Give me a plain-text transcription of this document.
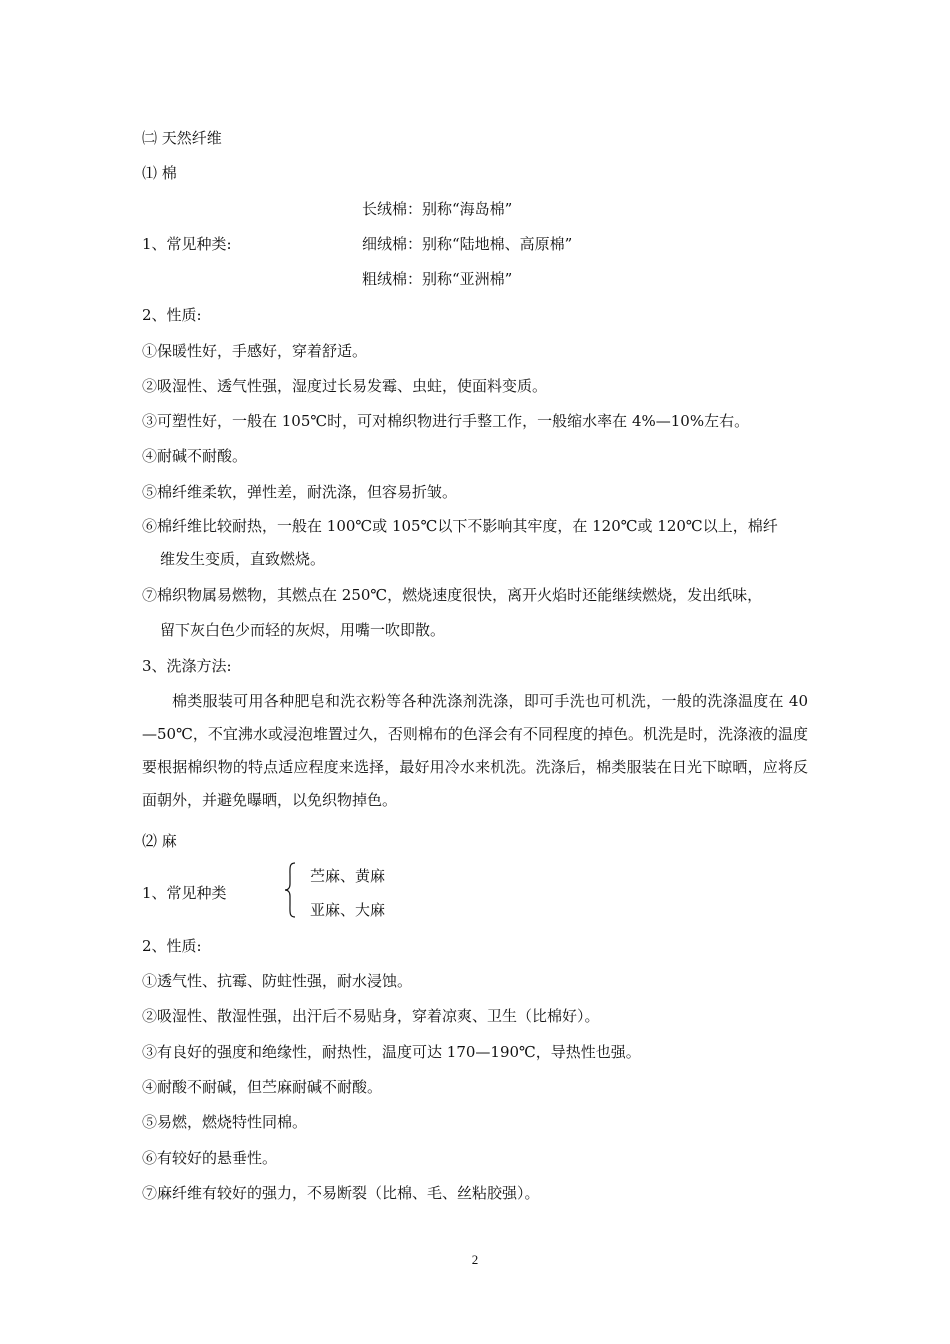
㈡ 天然纤维
⑴ 棉
长绒棉：别称“海岛棉”
1、常见种类:	细绒棉：别称“陆地棉、高原棉”
粗绒棉：别称“亚洲棉”
2、性质:
①保暖性好，手感好，穿着舒适。
②吸湿性、透气性强，湿度过长易发霉、虫蛀，使面料变质。
③可塑性好，一般在 105℃时，可对棉织物进行手整工作，一般缩水率在 4%—10%左右。
④耐碱不耐酸。
⑤棉纤维柔软，弹性差，耐洗涤，但容易折皱。
⑥棉纤维比较耐热，一般在 100℃或 105℃以下不影响其牢度，在 120℃或 120℃以上，棉纤
维发生变质，直致燃烧。
⑦棉织物属易燃物，其燃点在 250℃，燃烧速度很快，离开火焰时还能继续燃烧，发出纸味，
留下灰白色少而轻的灰烬，用嘴一吹即散。
3、洗涤方法:
棉类服装可用各种肥皂和洗衣粉等各种洗涤剂洗涤，即可手洗也可机洗，一般的洗涤温度在 40—50℃，不宜沸水或浸泡堆置过久，否则棉布的色泽会有不同程度的掉色。机洗是时，洗涤液的温度要根据棉织物的特点适应程度来选择，最好用冷水来机洗。洗涤后，棉类服装在日光下晾晒，应将反面朝外，并避免曝晒，以免织物掉色。
⑵ 麻
苎麻、黄麻
1、常见种类
亚麻、大麻
2、性质:
①透气性、抗霉、防蛀性强，耐水浸蚀。
②吸湿性、散湿性强，出汗后不易贴身，穿着凉爽、卫生（比棉好）。
③有良好的强度和绝缘性，耐热性，温度可达 170—190℃，导热性也强。
④耐酸不耐碱，但苎麻耐碱不耐酸。
⑤易燃，燃烧特性同棉。
⑥有较好的悬垂性。
⑦麻纤维有较好的强力，不易断裂（比棉、毛、丝粘胶强）。
2
